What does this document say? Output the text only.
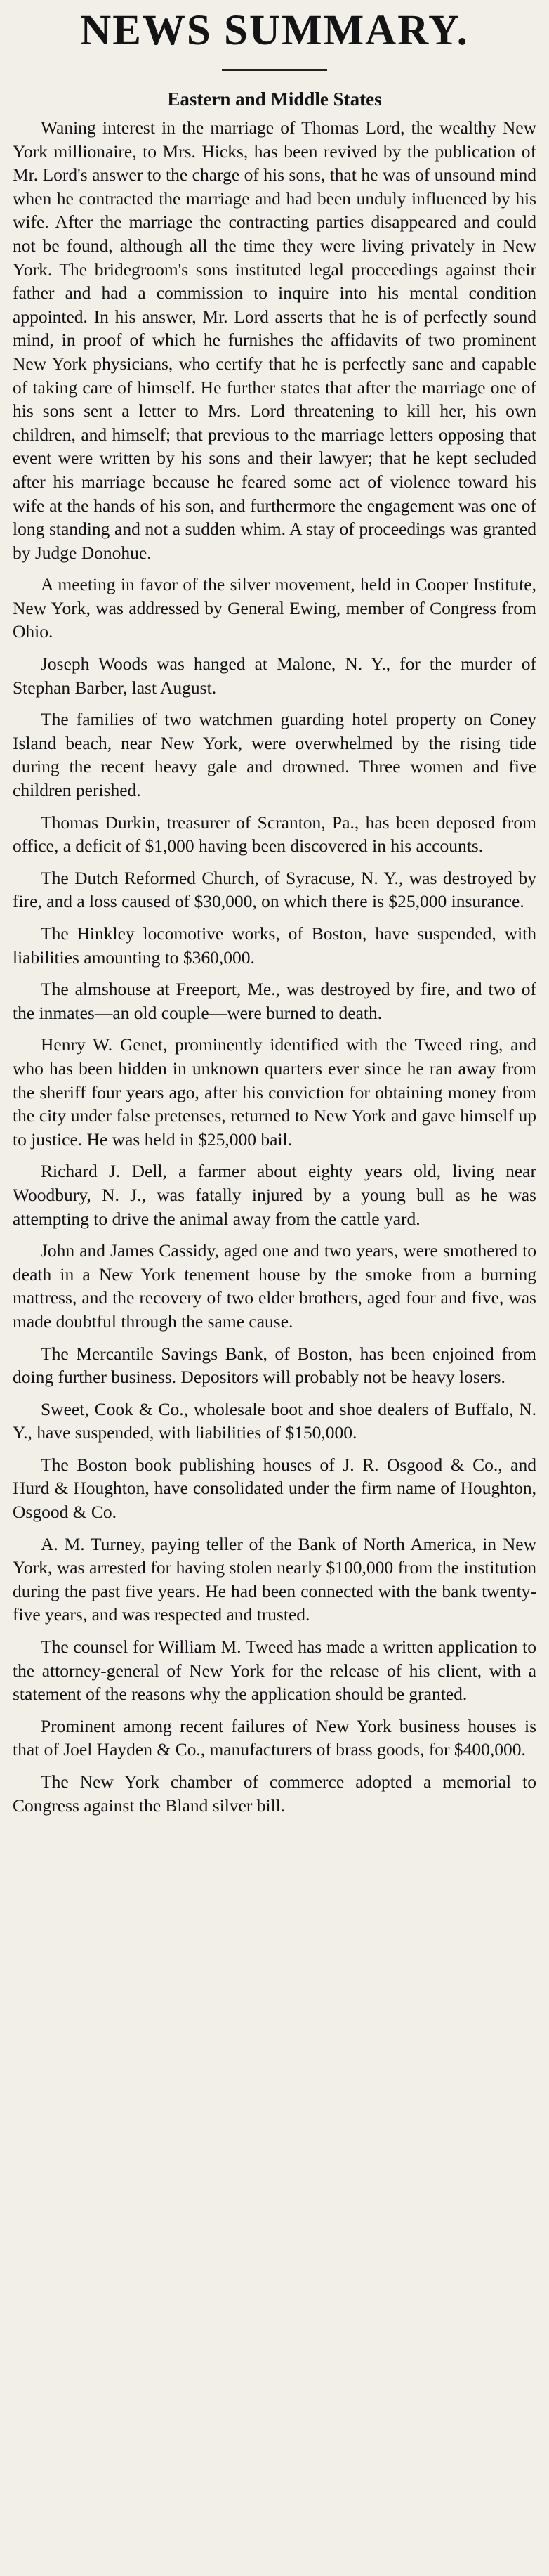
NEWS SUMMARY.
Eastern and Middle States

Waning interest in the marriage of Thomas Lord, the wealthy New York millionaire, to Mrs. Hicks, has been revived by the publication of Mr. Lord's answer to the charge of his sons, that he was of unsound mind when he contracted the marriage and had been unduly influenced by his wife. After the marriage the contracting parties disappeared and could not be found, although all the time they were living privately in New York. The bridegroom's sons instituted legal proceedings against their father and had a commission to inquire into his mental condition appointed. In his answer, Mr. Lord asserts that he is of perfectly sound mind, in proof of which he furnishes the affidavits of two prominent New York physicians, who certify that he is perfectly sane and capable of taking care of himself. He further states that after the marriage one of his sons sent a letter to Mrs. Lord threatening to kill her, his own children, and himself; that previous to the marriage letters opposing that event were written by his sons and their lawyer; that he kept secluded after his marriage because he feared some act of violence toward his wife at the hands of his son, and furthermore the engagement was one of long standing and not a sudden whim. A stay of proceedings was granted by Judge Donohue.

A meeting in favor of the silver movement, held in Cooper Institute, New York, was addressed by General Ewing, member of Congress from Ohio.

Joseph Woods was hanged at Malone, N. Y., for the murder of Stephan Barber, last August.

The families of two watchmen guarding hotel property on Coney Island beach, near New York, were overwhelmed by the rising tide during the recent heavy gale and drowned. Three women and five children perished.

Thomas Durkin, treasurer of Scranton, Pa., has been deposed from office, a deficit of $1,000 having been discovered in his accounts.

The Dutch Reformed Church, of Syracuse, N. Y., was destroyed by fire, and a loss caused of $30,000, on which there is $25,000 insurance.

The Hinkley locomotive works, of Boston, have suspended, with liabilities amounting to $360,000.

The almshouse at Freeport, Me., was destroyed by fire, and two of the inmates—an old couple—were burned to death.

Henry W. Genet, prominently identified with the Tweed ring, and who has been hidden in unknown quarters ever since he ran away from the sheriff four years ago, after his conviction for obtaining money from the city under false pretenses, returned to New York and gave himself up to justice. He was held in $25,000 bail.

Richard J. Dell, a farmer about eighty years old, living near Woodbury, N. J., was fatally injured by a young bull as he was attempting to drive the animal away from the cattle yard.

John and James Cassidy, aged one and two years, were smothered to death in a New York tenement house by the smoke from a burning mattress, and the recovery of two elder brothers, aged four and five, was made doubtful through the same cause.

The Mercantile Savings Bank, of Boston, has been enjoined from doing further business. Depositors will probably not be heavy losers.

Sweet, Cook & Co., wholesale boot and shoe dealers of Buffalo, N. Y., have suspended, with liabilities of $150,000.

The Boston book publishing houses of J. R. Osgood & Co., and Hurd & Houghton, have consolidated under the firm name of Houghton, Osgood & Co.

A. M. Turney, paying teller of the Bank of North America, in New York, was arrested for having stolen nearly $100,000 from the institution during the past five years. He had been connected with the bank twenty-five years, and was respected and trusted.

The counsel for William M. Tweed has made a written application to the attorney-general of New York for the release of his client, with a statement of the reasons why the application should be granted.

Prominent among recent failures of New York business houses is that of Joel Hayden & Co., manufacturers of brass goods, for $400,000.

The New York chamber of commerce adopted a memorial to Congress against the Bland silver bill.
